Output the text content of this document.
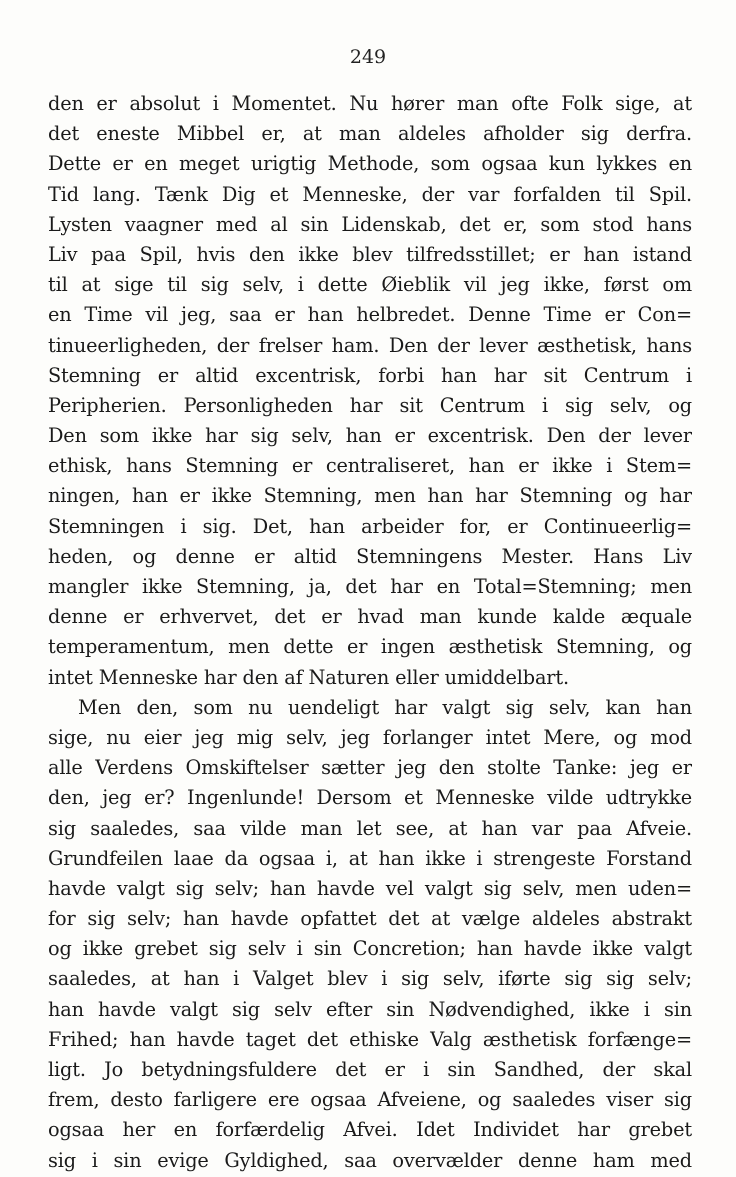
249

den er absolut i Momentet. Nu hører man ofte Folk sige, at
det eneste Mibbel er, at man aldeles afholder sig derfra.
Dette er en meget urigtig Methode, som ogsaa kun lykkes en
Tid lang. Tænk Dig et Menneske, der var forfalden til Spil.
Lysten vaagner med al sin Lidenskab, det er, som stod hans
Liv paa Spil, hvis den ikke blev tilfredsstillet; er han istand
til at sige til sig selv, i dette Øieblik vil jeg ikke, først om
en Time vil jeg, saa er han helbredet. Denne Time er Con=
tinueerligheden, der frelser ham. Den der lever æsthetisk, hans
Stemning er altid excentrisk, forbi han har sit Centrum i
Peripherien. Personligheden har sit Centrum i sig selv, og
Den som ikke har sig selv, han er excentrisk. Den der lever
ethisk, hans Stemning er centraliseret, han er ikke i Stem=
ningen, han er ikke Stemning, men han har Stemning og har
Stemningen i sig. Det, han arbeider for, er Continueerlig=
heden, og denne er altid Stemningens Mester. Hans Liv
mangler ikke Stemning, ja, det har en Total=Stemning; men
denne er erhvervet, det er hvad man kunde kalde æquale
temperamentum, men dette er ingen æsthetisk Stemning, og
intet Menneske har den af Naturen eller umiddelbart.
Men den, som nu uendeligt har valgt sig selv, kan han
sige, nu eier jeg mig selv, jeg forlanger intet Mere, og mod
alle Verdens Omskiftelser sætter jeg den stolte Tanke: jeg er
den, jeg er? Ingenlunde! Dersom et Menneske vilde udtrykke
sig saaledes, saa vilde man let see, at han var paa Afveie.
Grundfeilen laae da ogsaa i, at han ikke i strengeste Forstand
havde valgt sig selv; han havde vel valgt sig selv, men uden=
for sig selv; han havde opfattet det at vælge aldeles abstrakt
og ikke grebet sig selv i sin Concretion; han havde ikke valgt
saaledes, at han i Valget blev i sig selv, iførte sig sig selv;
han havde valgt sig selv efter sin Nødvendighed, ikke i sin
Frihed; han havde taget det ethiske Valg æsthetisk forfænge=
ligt. Jo betydningsfuldere det er i sin Sandhed, der skal
frem, desto farligere ere ogsaa Afveiene, og saaledes viser sig
ogsaa her en forfærdelig Afvei. Idet Individet har grebet
sig i sin evige Gyldighed, saa overvælder denne ham med
